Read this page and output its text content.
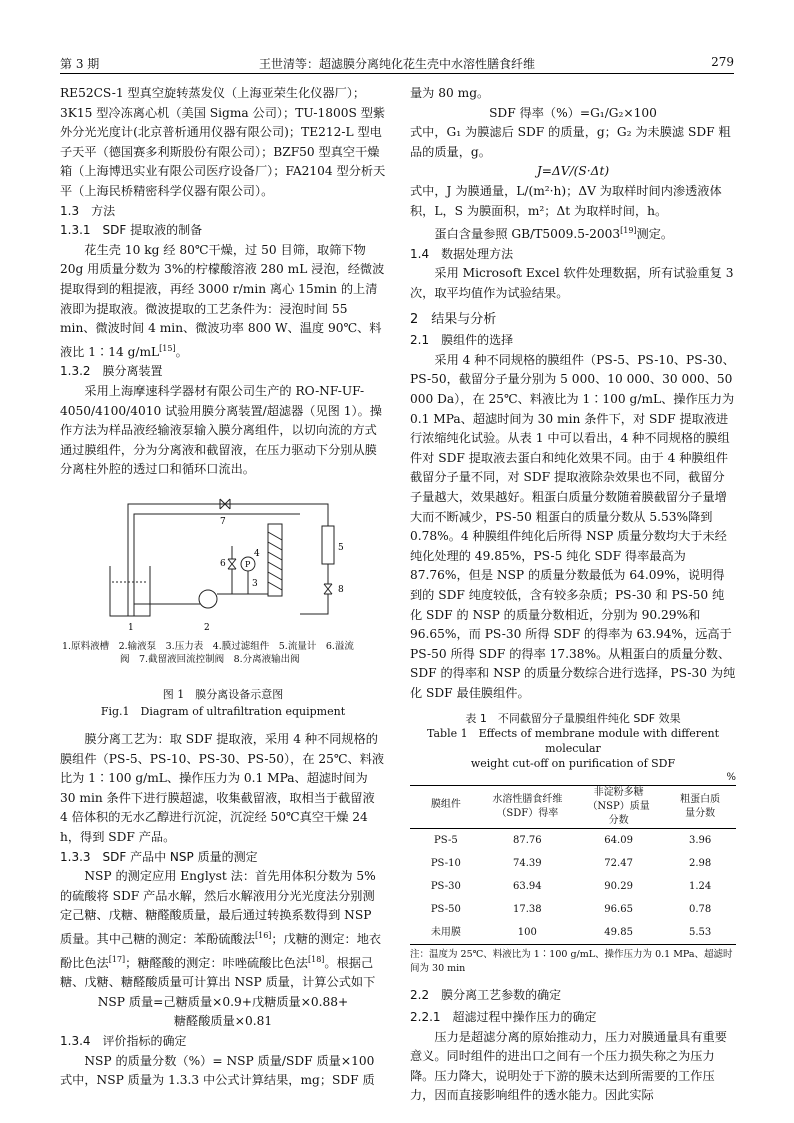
第 3 期	王世清等：超滤膜分离纯化花生壳中水溶性膳食纤维	279

RE52CS-1 型真空旋转蒸发仪（上海亚荣生化仪器厂）；3K15 型冷冻离心机（美国 Sigma 公司）；TU-1800S 型紫外分光光度计(北京普析通用仪器有限公司)；TE212-L 型电子天平（德国赛多利斯股份有限公司）；BZF50 型真空干燥箱（上海博迅实业有限公司医疗设备厂）；FA2104 型分析天平（上海民桥精密科学仪器有限公司）。

1.3　方法

1.3.1　SDF 提取液的制备

花生壳 10 kg 经 80℃干燥，过 50 目筛，取筛下物 20g 用质量分数为 3%的柠檬酸溶液 280 mL 浸泡，经微波提取得到的粗提液，再经 3000 r/min 离心 15min 的上清液即为提取液。微波提取的工艺条件为：浸泡时间 55 min、微波时间 4 min、微波功率 800 W、温度 90℃、料液比 1∶14 g/mL[15]。

1.3.2　膜分离装置

采用上海摩速科学器材有限公司生产的 RO-NF-UF-4050/4100/4010 试验用膜分离装置/超滤器（见图 1）。操作方法为样品液经输液泵输入膜分离组件，以切向流的方式通过膜组件，分为分离液和截留液，在压力驱动下分别从膜分离柱外腔的透过口和循环口流出。

7
6 P
4
3
5
8
1	2
1.原料液槽　2.输液泵　3.压力表　4.膜过滤组件　5.流量计　6.溢流
阀　7.截留液回流控制阀　8.分离液输出阀

图 1　膜分离设备示意图

Fig.1　Diagram of ultrafiltration equipment

膜分离工艺为：取 SDF 提取液，采用 4 种不同规格的膜组件（PS-5、PS-10、PS-30、PS-50），在 25℃、料液比为 1∶100 g/mL、操作压力为 0.1 MPa、超滤时间为 30 min 条件下进行膜超滤，收集截留液，取相当于截留液 4 倍体积的无水乙醇进行沉淀，沉淀经 50℃真空干燥 24 h，得到 SDF 产品。

1.3.3　SDF 产品中 NSP 质量的测定

NSP 的测定应用 Englyst 法：首先用体积分数为 5%的硫酸将 SDF 产品水解，然后水解液用分光光度法分别测定己糖、戊糖、糖醛酸质量，最后通过转换系数得到 NSP 质量。其中己糖的测定：苯酚硫酸法[16]；戊糖的测定：地衣酚比色法[17]；糖醛酸的测定：咔唑硫酸比色法[18]。根据己糖、戊糖、糖醛酸质量可计算出 NSP 质量，计算公式如下

NSP 质量=己糖质量×0.9+戊糖质量×0.88+

糖醛酸质量×0.81

1.3.4　评价指标的确定

NSP 的质量分数（%）= NSP 质量/SDF 质量×100 式中，NSP 质量为 1.3.3 中公式计算结果，mg；SDF 质

量为 80 mg。

SDF 得率（%）=G₁/G₂×100

式中，G₁ 为膜滤后 SDF 的质量，g；G₂ 为未膜滤 SDF 粗品的质量，g。

J=ΔV/(S·Δt)

式中，J 为膜通量，L/(m²·h)；ΔV 为取样时间内渗透液体积，L，S 为膜面积，m²；Δt 为取样时间，h。

蛋白含量参照 GB/T5009.5-2003[19]测定。

1.4　数据处理方法

采用 Microsoft Excel 软件处理数据，所有试验重复 3 次，取平均值作为试验结果。

2　结果与分析

2.1　膜组件的选择

采用 4 种不同规格的膜组件（PS-5、PS-10、PS-30、PS-50，截留分子量分别为 5 000、10 000、30 000、50 000 Da），在 25℃、料液比为 1∶100 g/mL、操作压力为 0.1 MPa、超滤时间为 30 min 条件下，对 SDF 提取液进行浓缩纯化试验。从表 1 中可以看出，4 种不同规格的膜组件对 SDF 提取液去蛋白和纯化效果不同。由于 4 种膜组件截留分子量不同，对 SDF 提取液除杂效果也不同，截留分子量越大，效果越好。粗蛋白质量分数随着膜截留分子量增大而不断减少，PS-50 粗蛋白的质量分数从 5.53%降到 0.78%。4 种膜组件纯化后所得 NSP 质量分数均大于未经纯化处理的 49.85%，PS-5 纯化 SDF 得率最高为 87.76%，但是 NSP 的质量分数最低为 64.09%，说明得到的 SDF 纯度较低，含有较多杂质；PS-30 和 PS-50 纯化 SDF 的 NSP 的质量分数相近，分别为 90.29%和 96.65%，而 PS-30 所得 SDF 的得率为 63.94%，远高于 PS-50 所得 SDF 的得率 17.38%。从粗蛋白的质量分数、SDF 的得率和 NSP 的质量分数综合进行选择，PS-30 为纯化 SDF 最佳膜组件。

表 1　不同截留分子量膜组件纯化 SDF 效果
Table 1　Effects of membrane module with different molecular
weight cut-off on purification of SDF
%
膜组件	水溶性膳食纤维（SDF）得率	非淀粉多糖（NSP）质量分数	粗蛋白质量分数
PS-5	87.76	64.09	3.96
PS-10	74.39	72.47	2.98
PS-30	63.94	90.29	1.24
PS-50	17.38	96.65	0.78
未用膜	100	49.85	5.53
注：温度为 25℃、料液比为 1∶100 g/mL、操作压力为 0.1 MPa、超滤时间为 30 min

2.2　膜分离工艺参数的确定

2.2.1　超滤过程中操作压力的确定

压力是超滤分离的原始推动力，压力对膜通量具有重要意义。同时组件的进出口之间有一个压力损失称之为压力降。压力降大，说明处于下游的膜未达到所需要的工作压力，因而直接影响组件的透水能力。因此实际
